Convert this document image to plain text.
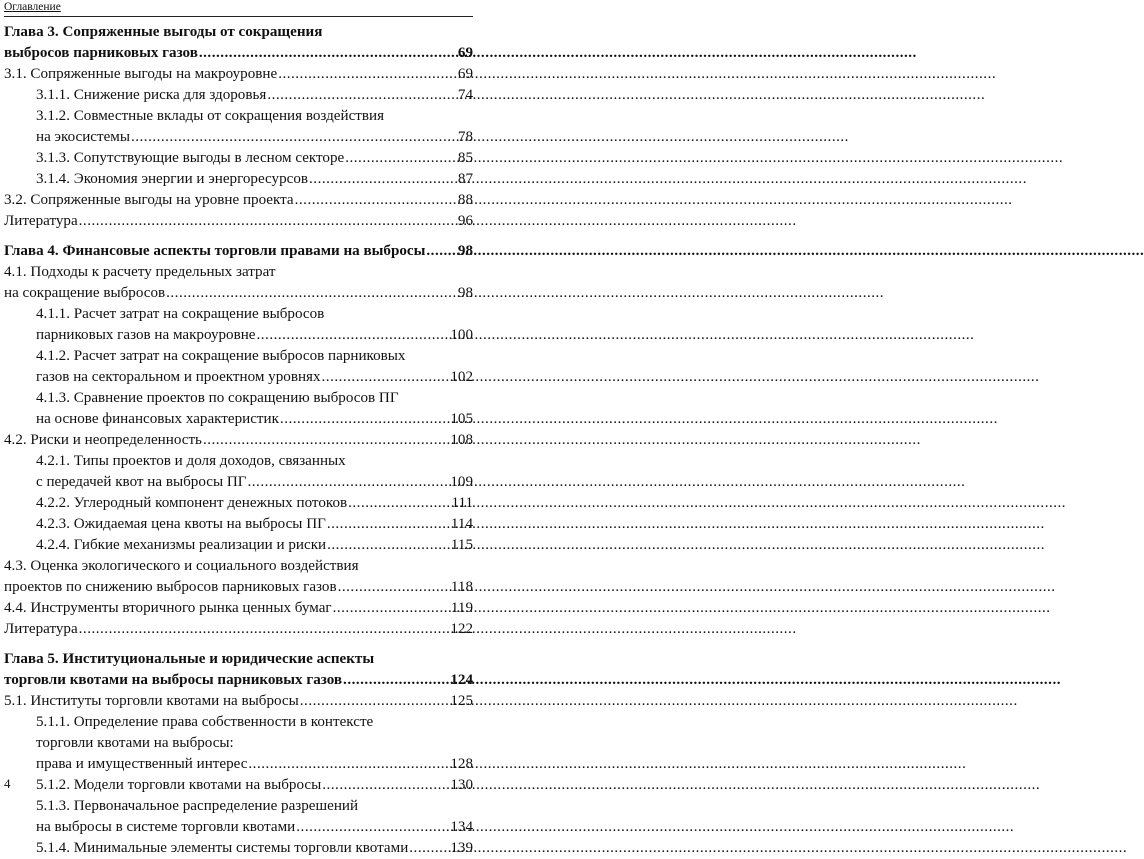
Оглавление
Глава 3. Сопряженные выгоды от сокращения
выбросов парниковых газов .....	69
3.1. Сопряженные выгоды на макроуровне .....	69
3.1.1. Снижение риска для здоровья .....	74
3.1.2. Совместные вклады от сокращения воздействия
на экосистемы .....	78
3.1.3. Сопутствующие выгоды в лесном секторе .....	85
3.1.4. Экономия энергии и энергоресурсов .....	87
3.2. Сопряженные выгоды на уровне проекта .....	88
Литература .....	96
Глава 4. Финансовые аспекты торговли правами на выбросы ..... 98
4.1. Подходы к расчету предельных затрат
на сокращение выбросов .....	98
4.1.1. Расчет затрат на сокращение выбросов
парниковых газов на макроуровне .....	100
4.1.2. Расчет затрат на сокращение выбросов парниковых
газов на секторальном и проектном уровнях .....	102
4.1.3. Сравнение проектов по сокращению выбросов ПГ
на основе финансовых характеристик .....	105
4.2. Риски и неопределенность .....	108
4.2.1. Типы проектов и доля доходов, связанных
с передачей квот на выбросы ПГ .....	109
4.2.2. Углеродный компонент денежных потоков .....	111
4.2.3. Ожидаемая цена квоты на выбросы ПГ .....	114
4.2.4. Гибкие механизмы реализации и риски .....	115
4.3. Оценка экологического и социального воздействия
проектов по снижению выбросов парниковых газов .....	118
4.4. Инструменты вторичного рынка ценных бумаг .....	119
Литература .....	122
Глава 5. Институциональные и юридические аспекты
торговли квотами на выбросы парниковых газов .....	124
5.1. Институты торговли квотами на выбросы .....	125
5.1.1. Определение права собственности в контексте
торговли квотами на выбросы:
права и имущественный интерес .....	128
5.1.2. Модели торговли квотами на выбросы .....	130
5.1.3. Первоначальное распределение разрешений
на выбросы в системе торговли квотами .....	134
5.1.4. Минимальные элементы системы торговли квотами .....	139
4
